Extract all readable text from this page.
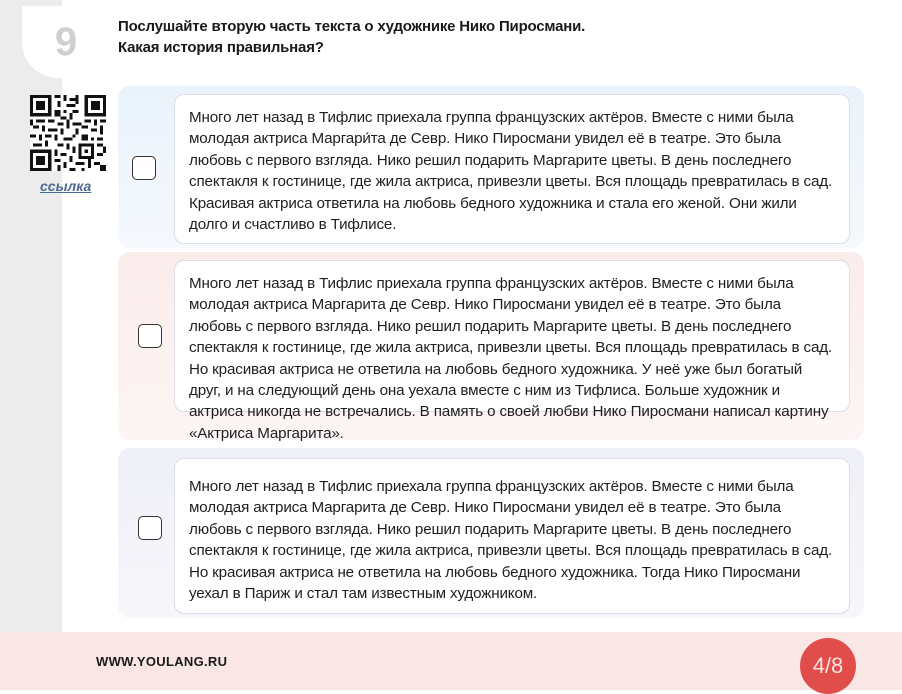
9	Послушайте вторую часть текста о художнике Нико Пиросмани.
Какая история правильная?
ссылка
Много лет назад в Тифлис приехала группа французских актёров. Вместе с ними была молодая актриса Маргари́та де Севр. Нико Пиросмани увидел её в театре. Это была любовь с первого взгляда. Нико решил подарить Маргарите цветы. В день последнего спектакля к гостинице, где жила актриса, привезли цветы. Вся площадь превратилась в сад. Красивая актриса ответила на любовь бедного художника и стала его женой. Они жили долго и счастливо в Тифлисе.
Много лет назад в Тифлис приехала группа французских актёров. Вместе с ними была молодая актриса Маргарита де Севр. Нико Пиросмани увидел её в театре. Это была любовь с первого взгляда. Нико решил подарить Маргарите цветы. В день последнего спектакля к гостинице, где жила актриса, привезли цветы. Вся площадь превратилась в сад. Но красивая актриса не ответила на любовь бедного художника. У неё уже был богатый друг, и на следующий день она уехала вместе с ним из Тифлиса. Больше художник и актриса никогда не встречались. В память о своей любви Нико Пиросмани написал картину «Актриса Маргарита».
Много лет назад в Тифлис приехала группа французских актёров. Вместе с ними была молодая актриса Маргарита де Севр. Нико Пиросмани увидел её в театре. Это была любовь с первого взгляда. Нико решил подарить Маргарите цветы. В день последнего спектакля к гостинице, где жила актриса, привезли цветы. Вся площадь превратилась в сад. Но красивая актриса не ответила на любовь бедного художника. Тогда Нико Пиросмани уехал в Париж и стал там известным художником.
WWW.YOULANG.RU	4/8
